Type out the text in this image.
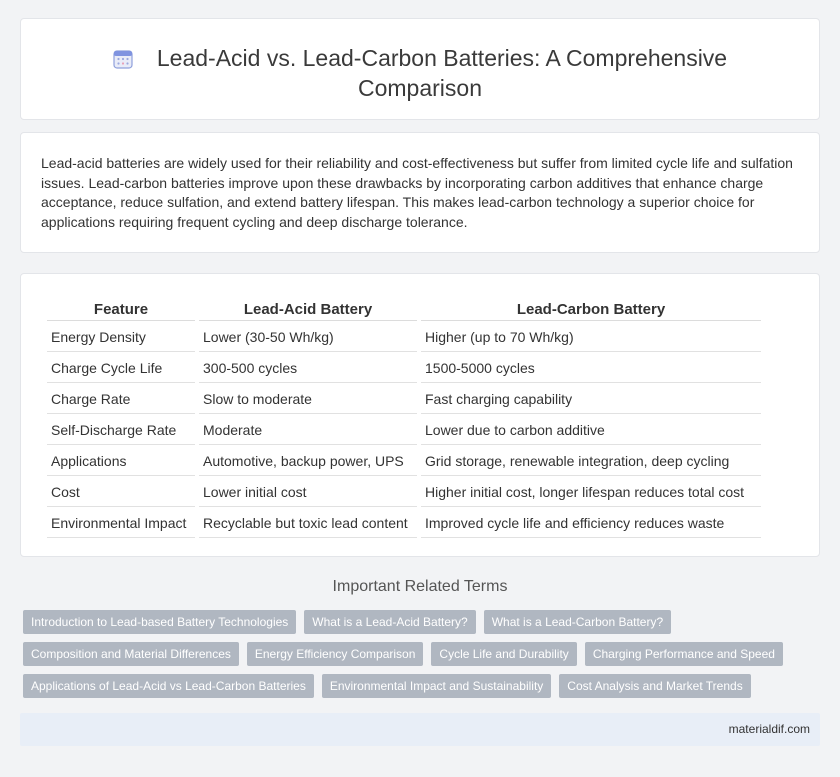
Lead-Acid vs. Lead-Carbon Batteries: A Comprehensive Comparison

Lead-acid batteries are widely used for their reliability and cost-effectiveness but suffer from limited cycle life and sulfation issues. Lead-carbon batteries improve upon these drawbacks by incorporating carbon additives that enhance charge acceptance, reduce sulfation, and extend battery lifespan. This makes lead-carbon technology a superior choice for applications requiring frequent cycling and deep discharge tolerance.

Feature	Lead-Acid Battery	Lead-Carbon Battery
Energy Density	Lower (30-50 Wh/kg)	Higher (up to 70 Wh/kg)
Charge Cycle Life	300-500 cycles	1500-5000 cycles
Charge Rate	Slow to moderate	Fast charging capability
Self-Discharge Rate	Moderate	Lower due to carbon additive
Applications	Automotive, backup power, UPS	Grid storage, renewable integration, deep cycling
Cost	Lower initial cost	Higher initial cost, longer lifespan reduces total cost
Environmental Impact	Recyclable but toxic lead content	Improved cycle life and efficiency reduces waste
Important Related Terms
Introduction to Lead-based Battery Technologies	What is a Lead-Acid Battery?	What is a Lead-Carbon Battery?
Composition and Material Differences	Energy Efficiency Comparison	Cycle Life and Durability	Charging Performance and Speed
Applications of Lead-Acid vs Lead-Carbon Batteries	Environmental Impact and Sustainability	Cost Analysis and Market Trends
materialdif.com
